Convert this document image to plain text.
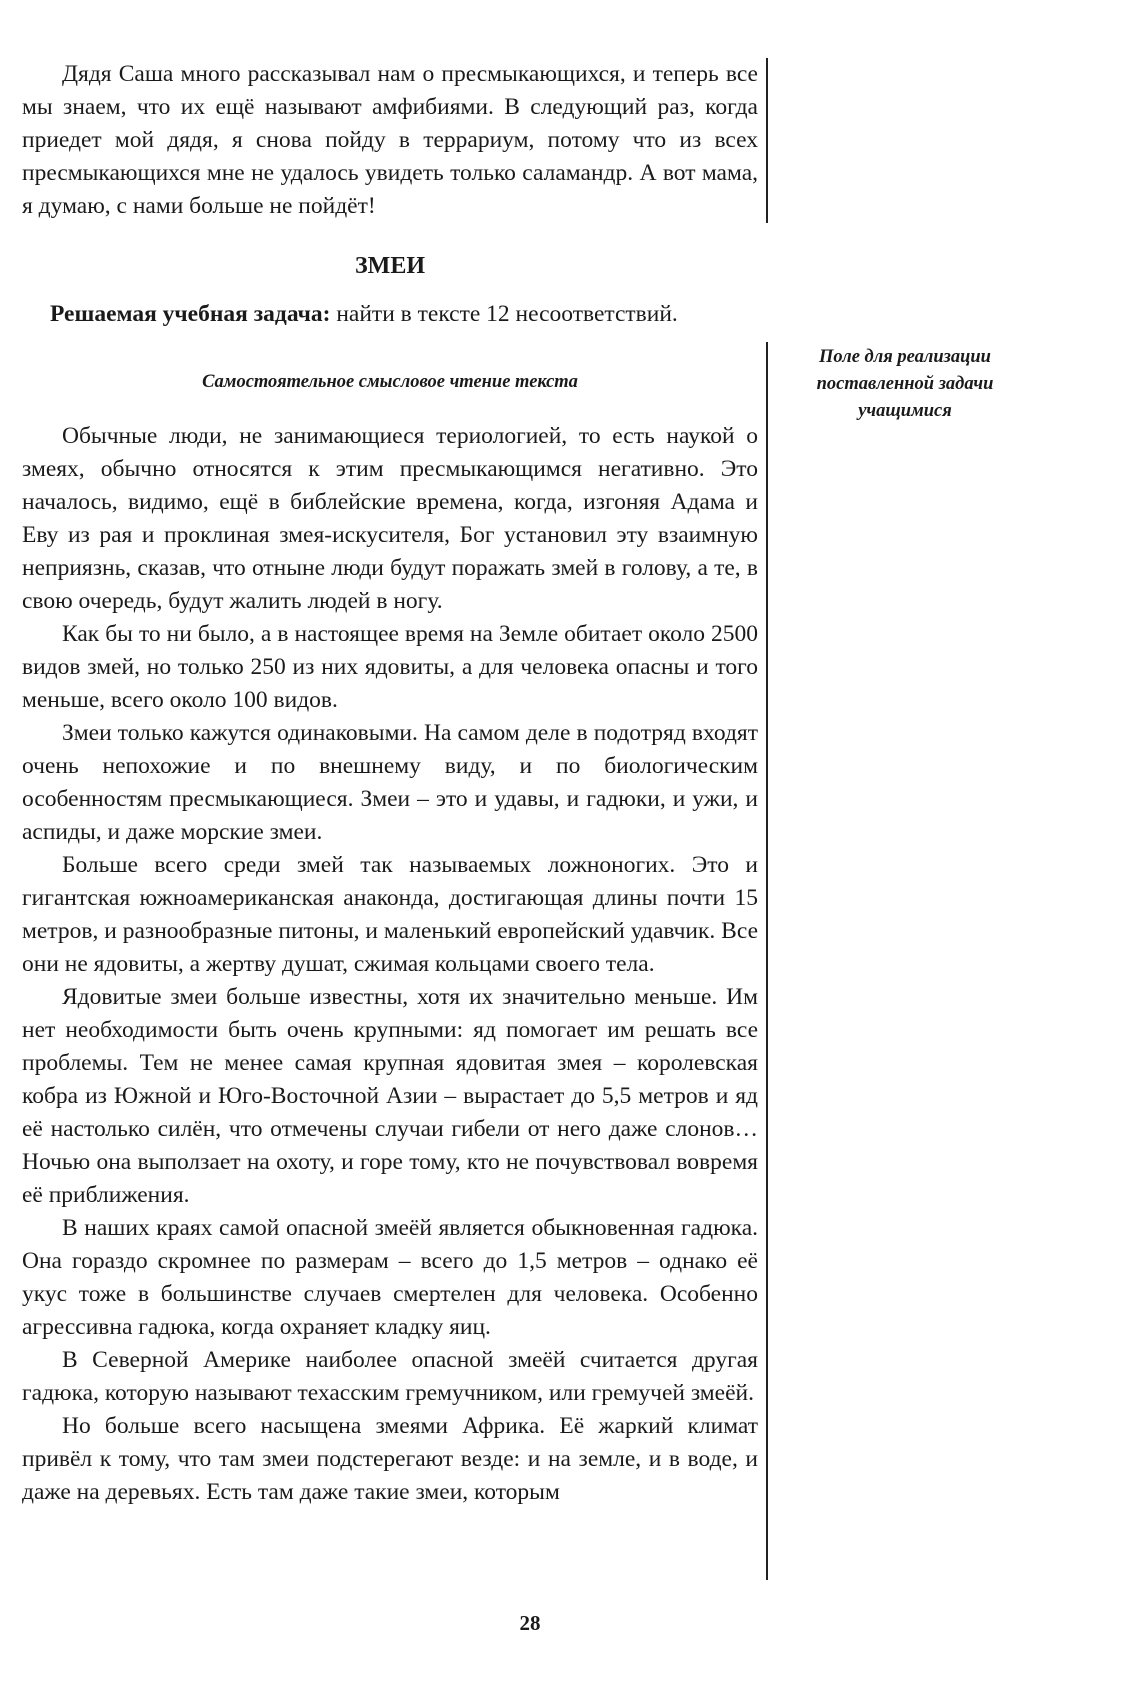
Дядя Саша много рассказывал нам о пресмыкающихся, и теперь все мы знаем, что их ещё называют амфибиями. В следующий раз, когда приедет мой дядя, я снова пойду в террариум, потому что из всех пресмыкающихся мне не удалось увидеть только саламандр. А вот мама, я думаю, с нами больше не пойдёт!

ЗМЕИ
Решаемая учебная задача: найти в тексте 12 несоответствий.
Самостоятельное смысловое чтение текста
Поле для реализации
поставленной задачи
учащимися

Обычные люди, не занимающиеся териологией, то есть наукой о змеях, обычно относятся к этим пресмыкающимся негативно. Это началось, видимо, ещё в библейские времена, когда, изгоняя Адама и Еву из рая и проклиная змея-искусителя, Бог установил эту взаимную неприязнь, сказав, что отныне люди будут поражать змей в голову, а те, в свою очередь, будут жалить людей в ногу.

Как бы то ни было, а в настоящее время на Земле обитает около 2500 видов змей, но только 250 из них ядовиты, а для человека опасны и того меньше, всего около 100 видов.

Змеи только кажутся одинаковыми. На самом деле в подотряд входят очень непохожие и по внешнему виду, и по биологическим особенностям пресмыкающиеся. Змеи – это и удавы, и гадюки, и ужи, и аспиды, и даже морские змеи.

Больше всего среди змей так называемых ложноногих. Это и гигантская южноамериканская анаконда, достигающая длины почти 15 метров, и разнообразные питоны, и маленький европейский удавчик. Все они не ядовиты, а жертву душат, сжимая кольцами своего тела.

Ядовитые змеи больше известны, хотя их значительно меньше. Им нет необходимости быть очень крупными: яд помогает им решать все проблемы. Тем не менее самая крупная ядовитая змея – королевская кобра из Южной и Юго-Восточной Азии – вырастает до 5,5 метров и яд её настолько силён, что отмечены случаи гибели от него даже слонов… Ночью она выползает на охоту, и горе тому, кто не почувствовал вовремя её приближения.

В наших краях самой опасной змеёй является обыкновенная гадюка. Она гораздо скромнее по размерам – всего до 1,5 метров – однако её укус тоже в большинстве случаев смертелен для человека. Особенно агрессивна гадюка, когда охраняет кладку яиц.

В Северной Америке наиболее опасной змеёй считается другая гадюка, которую называют техасским гремучником, или гремучей змеёй.

Но больше всего насыщена змеями Африка. Её жаркий климат привёл к тому, что там змеи подстерегают везде: и на земле, и в воде, и даже на деревьях. Есть там даже такие змеи, которым

28
